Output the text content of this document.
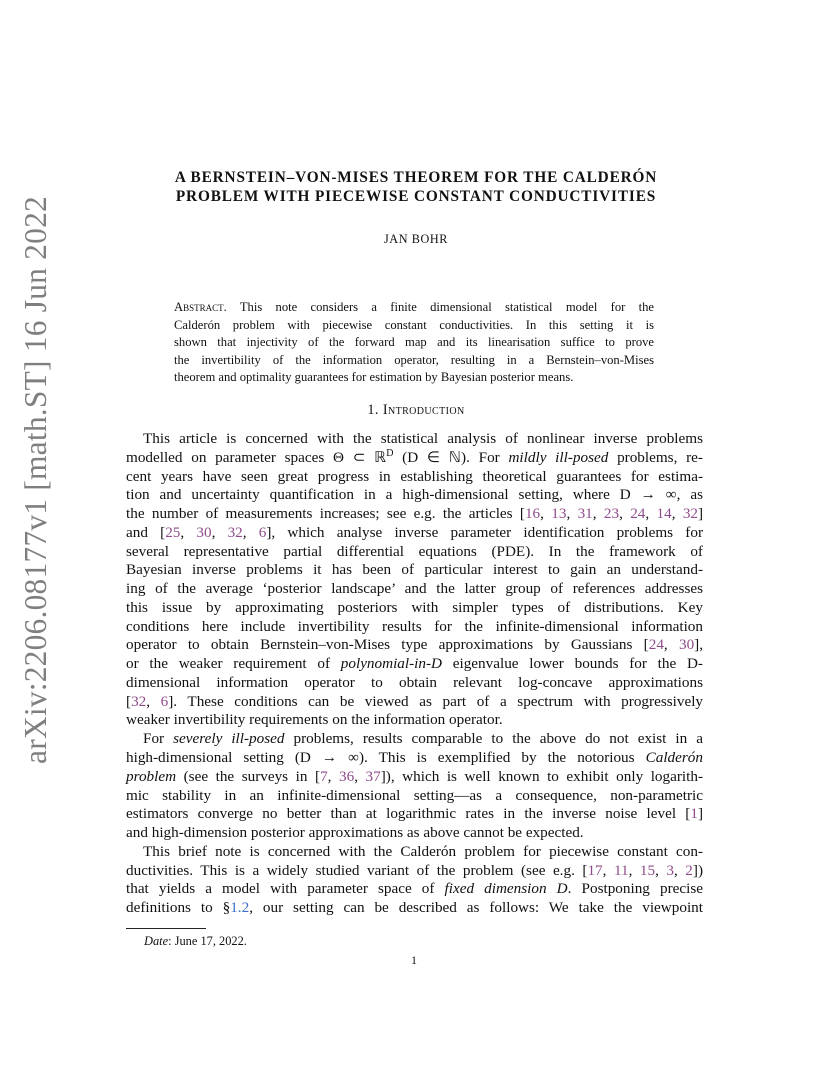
arXiv:2206.08177v1 [math.ST] 16 Jun 2022
A BERNSTEIN–VON-MISES THEOREM FOR THE CALDERÓN
PROBLEM WITH PIECEWISE CONSTANT CONDUCTIVITIES
JAN BOHR
Abstract. This note considers a finite dimensional statistical model for the
Calderón problem with piecewise constant conductivities. In this setting it is
shown that injectivity of the forward map and its linearisation suffice to prove
the invertibility of the information operator, resulting in a Bernstein–von-Mises
theorem and optimality guarantees for estimation by Bayesian posterior means.
1. Introduction
This article is concerned with the statistical analysis of nonlinear inverse problems
modelled on parameter spaces Θ ⊂ ℝ$^D$ (D ∈ ℕ). For mildly ill-posed problems, re-
cent years have seen great progress in establishing theoretical guarantees for estima-
tion and uncertainty quantification in a high-dimensional setting, where D → ∞, as
the number of measurements increases; see e.g. the articles [16, 13, 31, 23, 24, 14, 32]
and [25, 30, 32, 6], which analyse inverse parameter identification problems for
several representative partial differential equations (PDE). In the framework of
Bayesian inverse problems it has been of particular interest to gain an understand-
ing of the average ‘posterior landscape’ and the latter group of references addresses
this issue by approximating posteriors with simpler types of distributions. Key
conditions here include invertibility results for the infinite-dimensional information
operator to obtain Bernstein–von-Mises type approximations by Gaussians [24, 30],
or the weaker requirement of polynomial-in-D eigenvalue lower bounds for the D-
dimensional information operator to obtain relevant log-concave approximations
[32, 6]. These conditions can be viewed as part of a spectrum with progressively
weaker invertibility requirements on the information operator.
For severely ill-posed problems, results comparable to the above do not exist in a
high-dimensional setting (D → ∞). This is exemplified by the notorious Calderón
problem (see the surveys in [7, 36, 37]), which is well known to exhibit only logarith-
mic stability in an infinite-dimensional setting—as a consequence, non-parametric
estimators converge no better than at logarithmic rates in the inverse noise level [1]
and high-dimension posterior approximations as above cannot be expected.
This brief note is concerned with the Calderón problem for piecewise constant con-
ductivities. This is a widely studied variant of the problem (see e.g. [17, 11, 15, 3, 2])
that yields a model with parameter space of fixed dimension D. Postponing precise
definitions to §1.2, our setting can be described as follows: We take the viewpoint
Date: June 17, 2022.
1
